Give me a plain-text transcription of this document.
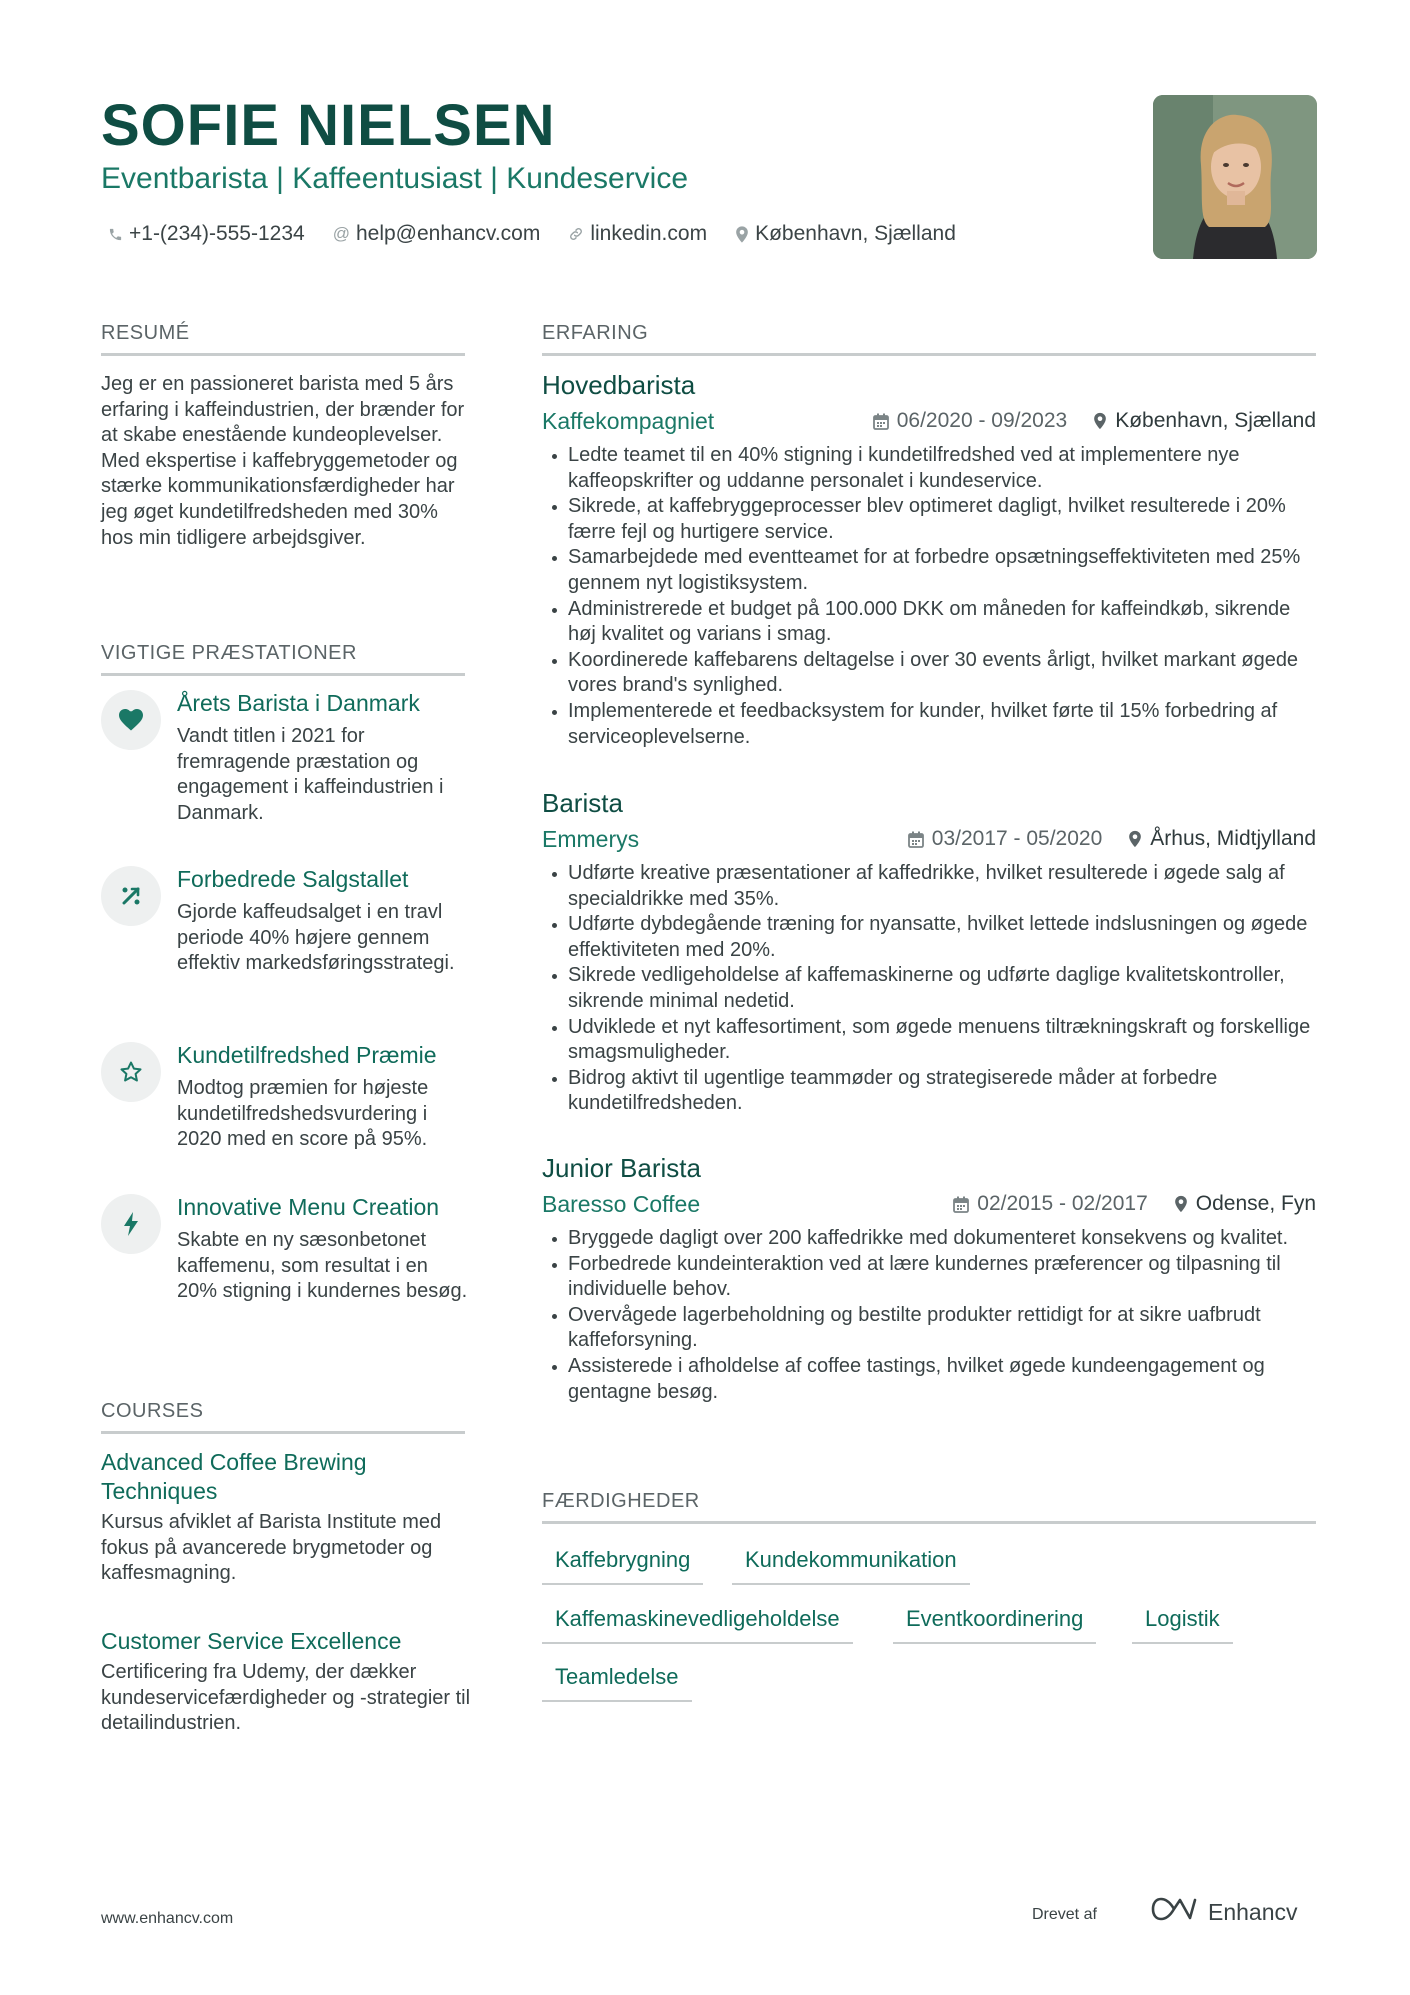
SOFIE NIELSEN
Eventbarista | Kaffeentusiast | Kundeservice
+1-(234)-555-1234 @ help@enhancv.com linkedin.com København, Sjælland
RESUMÉ
Jeg er en passioneret barista med 5 års erfaring i kaffeindustrien, der brænder for at skabe enestående kundeoplevelser. Med ekspertise i kaffebryggemetoder og stærke kommunikationsfærdigheder har jeg øget kundetilfredsheden med 30% hos min tidligere arbejdsgiver.
VIGTIGE PRÆSTATIONER
Årets Barista i Danmark
Vandt titlen i 2021 for fremragende præstation og engagement i kaffeindustrien i Danmark.
Forbedrede Salgstallet
Gjorde kaffeudsalget i en travl periode 40% højere gennem effektiv markedsføringsstrategi.
Kundetilfredshed Præmie
Modtog præmien for højeste kundetilfredshedsvurdering i 2020 med en score på 95%.
Innovative Menu Creation
Skabte en ny sæsonbetonet kaffemenu, som resultat i en 20% stigning i kundernes besøg.
COURSES
Advanced Coffee Brewing Techniques
Kursus afviklet af Barista Institute med fokus på avancerede brygmetoder og kaffesmagning.
Customer Service Excellence
Certificering fra Udemy, der dækker kundeservicefærdigheder og -strategier til detailindustrien.
ERFARING
Hovedbarista
Kaffekompagniet	06/2020 - 09/2023 København, Sjælland
Ledte teamet til en 40% stigning i kundetilfredshed ved at implementere nye kaffeopskrifter og uddanne personalet i kundeservice.
Sikrede, at kaffebryggeprocesser blev optimeret dagligt, hvilket resulterede i 20% færre fejl og hurtigere service.
Samarbejdede med eventteamet for at forbedre opsætningseffektiviteten med 25% gennem nyt logistiksystem.
Administrerede et budget på 100.000 DKK om måneden for kaffeindkøb, sikrende høj kvalitet og varians i smag.
Koordinerede kaffebarens deltagelse i over 30 events årligt, hvilket markant øgede vores brand's synlighed.
Implementerede et feedbacksystem for kunder, hvilket førte til 15% forbedring af serviceoplevelserne.
Barista
Emmerys	03/2017 - 05/2020 Århus, Midtjylland
Udførte kreative præsentationer af kaffedrikke, hvilket resulterede i øgede salg af specialdrikke med 35%.
Udførte dybdegående træning for nyansatte, hvilket lettede indslusningen og øgede effektiviteten med 20%.
Sikrede vedligeholdelse af kaffemaskinerne og udførte daglige kvalitetskontroller, sikrende minimal nedetid.
Udviklede et nyt kaffesortiment, som øgede menuens tiltrækningskraft og forskellige smagsmuligheder.
Bidrog aktivt til ugentlige teammøder og strategiserede måder at forbedre kundetilfredsheden.
Junior Barista
Baresso Coffee	02/2015 - 02/2017 Odense, Fyn
Bryggede dagligt over 200 kaffedrikke med dokumenteret konsekvens og kvalitet.
Forbedrede kundeinteraktion ved at lære kundernes præferencer og tilpasning til individuelle behov.
Overvågede lagerbeholdning og bestilte produkter rettidigt for at sikre uafbrudt kaffeforsyning.
Assisterede i afholdelse af coffee tastings, hvilket øgede kundeengagement og gentagne besøg.
FÆRDIGHEDER
Kaffebrygning	Kundekommunikation
Kaffemaskinevedligeholdelse	Eventkoordinering	Logistik
Teamledelse
www.enhancv.com	Drevet af	Enhancv
